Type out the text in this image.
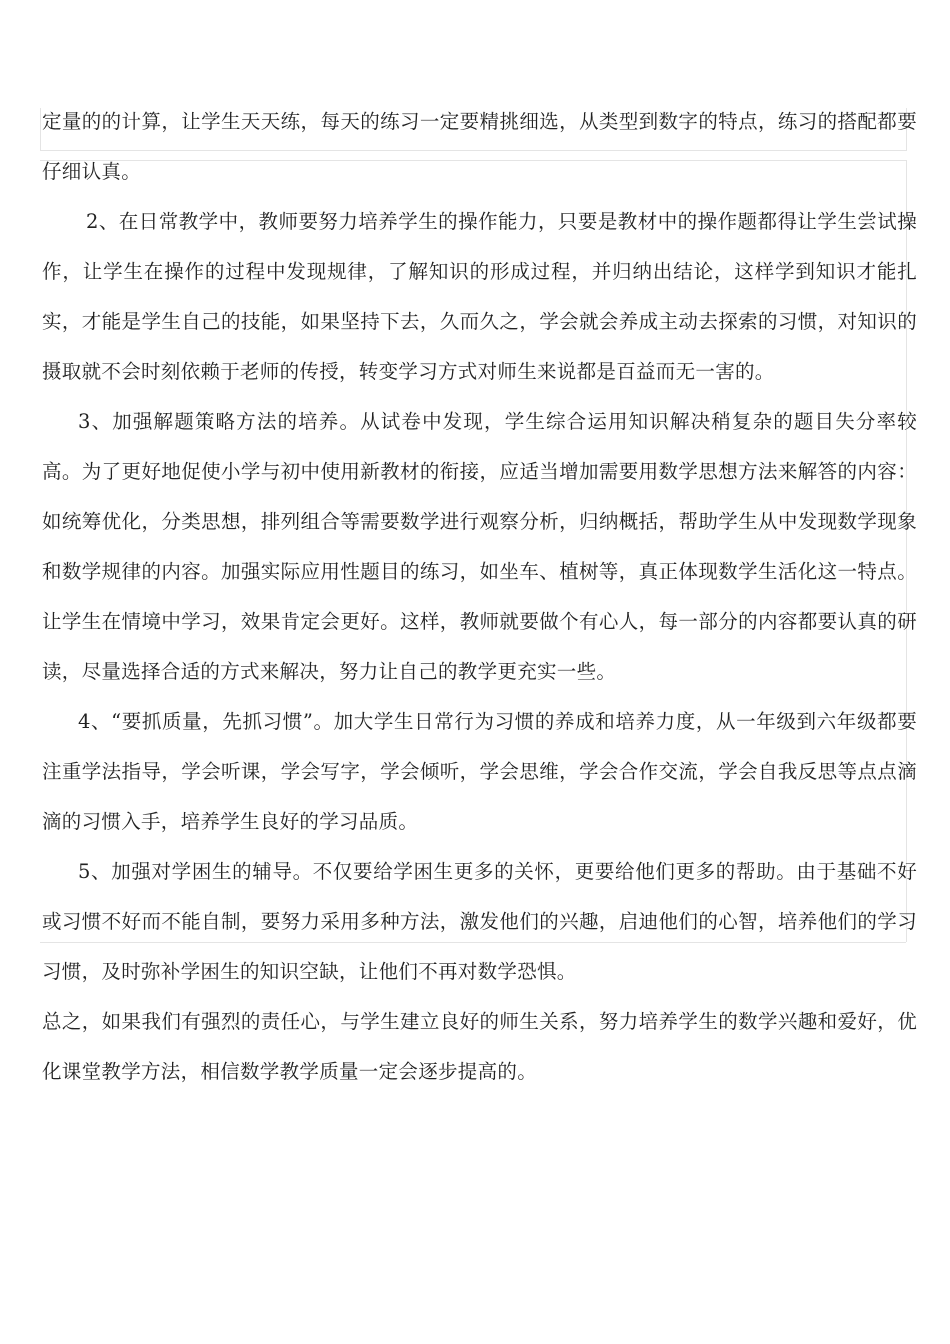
定量的的计算，让学生天天练，每天的练习一定要精挑细选，从类型到数字的特点，练习的搭配都要仔细认真。

2、在日常教学中，教师要努力培养学生的操作能力，只要是教材中的操作题都得让学生尝试操作，让学生在操作的过程中发现规律，了解知识的形成过程，并归纳出结论，这样学到知识才能扎实，才能是学生自己的技能，如果坚持下去，久而久之，学会就会养成主动去探索的习惯，对知识的摄取就不会时刻依赖于老师的传授，转变学习方式对师生来说都是百益而无一害的。

3、加强解题策略方法的培养。从试卷中发现，学生综合运用知识解决稍复杂的题目失分率较高。为了更好地促使小学与初中使用新教材的衔接，应适当增加需要用数学思想方法来解答的内容：如统筹优化，分类思想，排列组合等需要数学进行观察分析，归纳概括，帮助学生从中发现数学现象和数学规律的内容。加强实际应用性题目的练习，如坐车、植树等，真正体现数学生活化这一特点。让学生在情境中学习，效果肯定会更好。这样，教师就要做个有心人，每一部分的内容都要认真的研读，尽量选择合适的方式来解决，努力让自己的教学更充实一些。

4、“要抓质量，先抓习惯”。加大学生日常行为习惯的养成和培养力度，从一年级到六年级都要注重学法指导，学会听课，学会写字，学会倾听，学会思维，学会合作交流，学会自我反思等点点滴滴的习惯入手，培养学生良好的学习品质。

5、加强对学困生的辅导。不仅要给学困生更多的关怀，更要给他们更多的帮助。由于基础不好或习惯不好而不能自制，要努力采用多种方法，激发他们的兴趣，启迪他们的心智，培养他们的学习习惯，及时弥补学困生的知识空缺，让他们不再对数学恐惧。

总之，如果我们有强烈的责任心，与学生建立良好的师生关系，努力培养学生的数学兴趣和爱好，优化课堂教学方法，相信数学教学质量一定会逐步提高的。
